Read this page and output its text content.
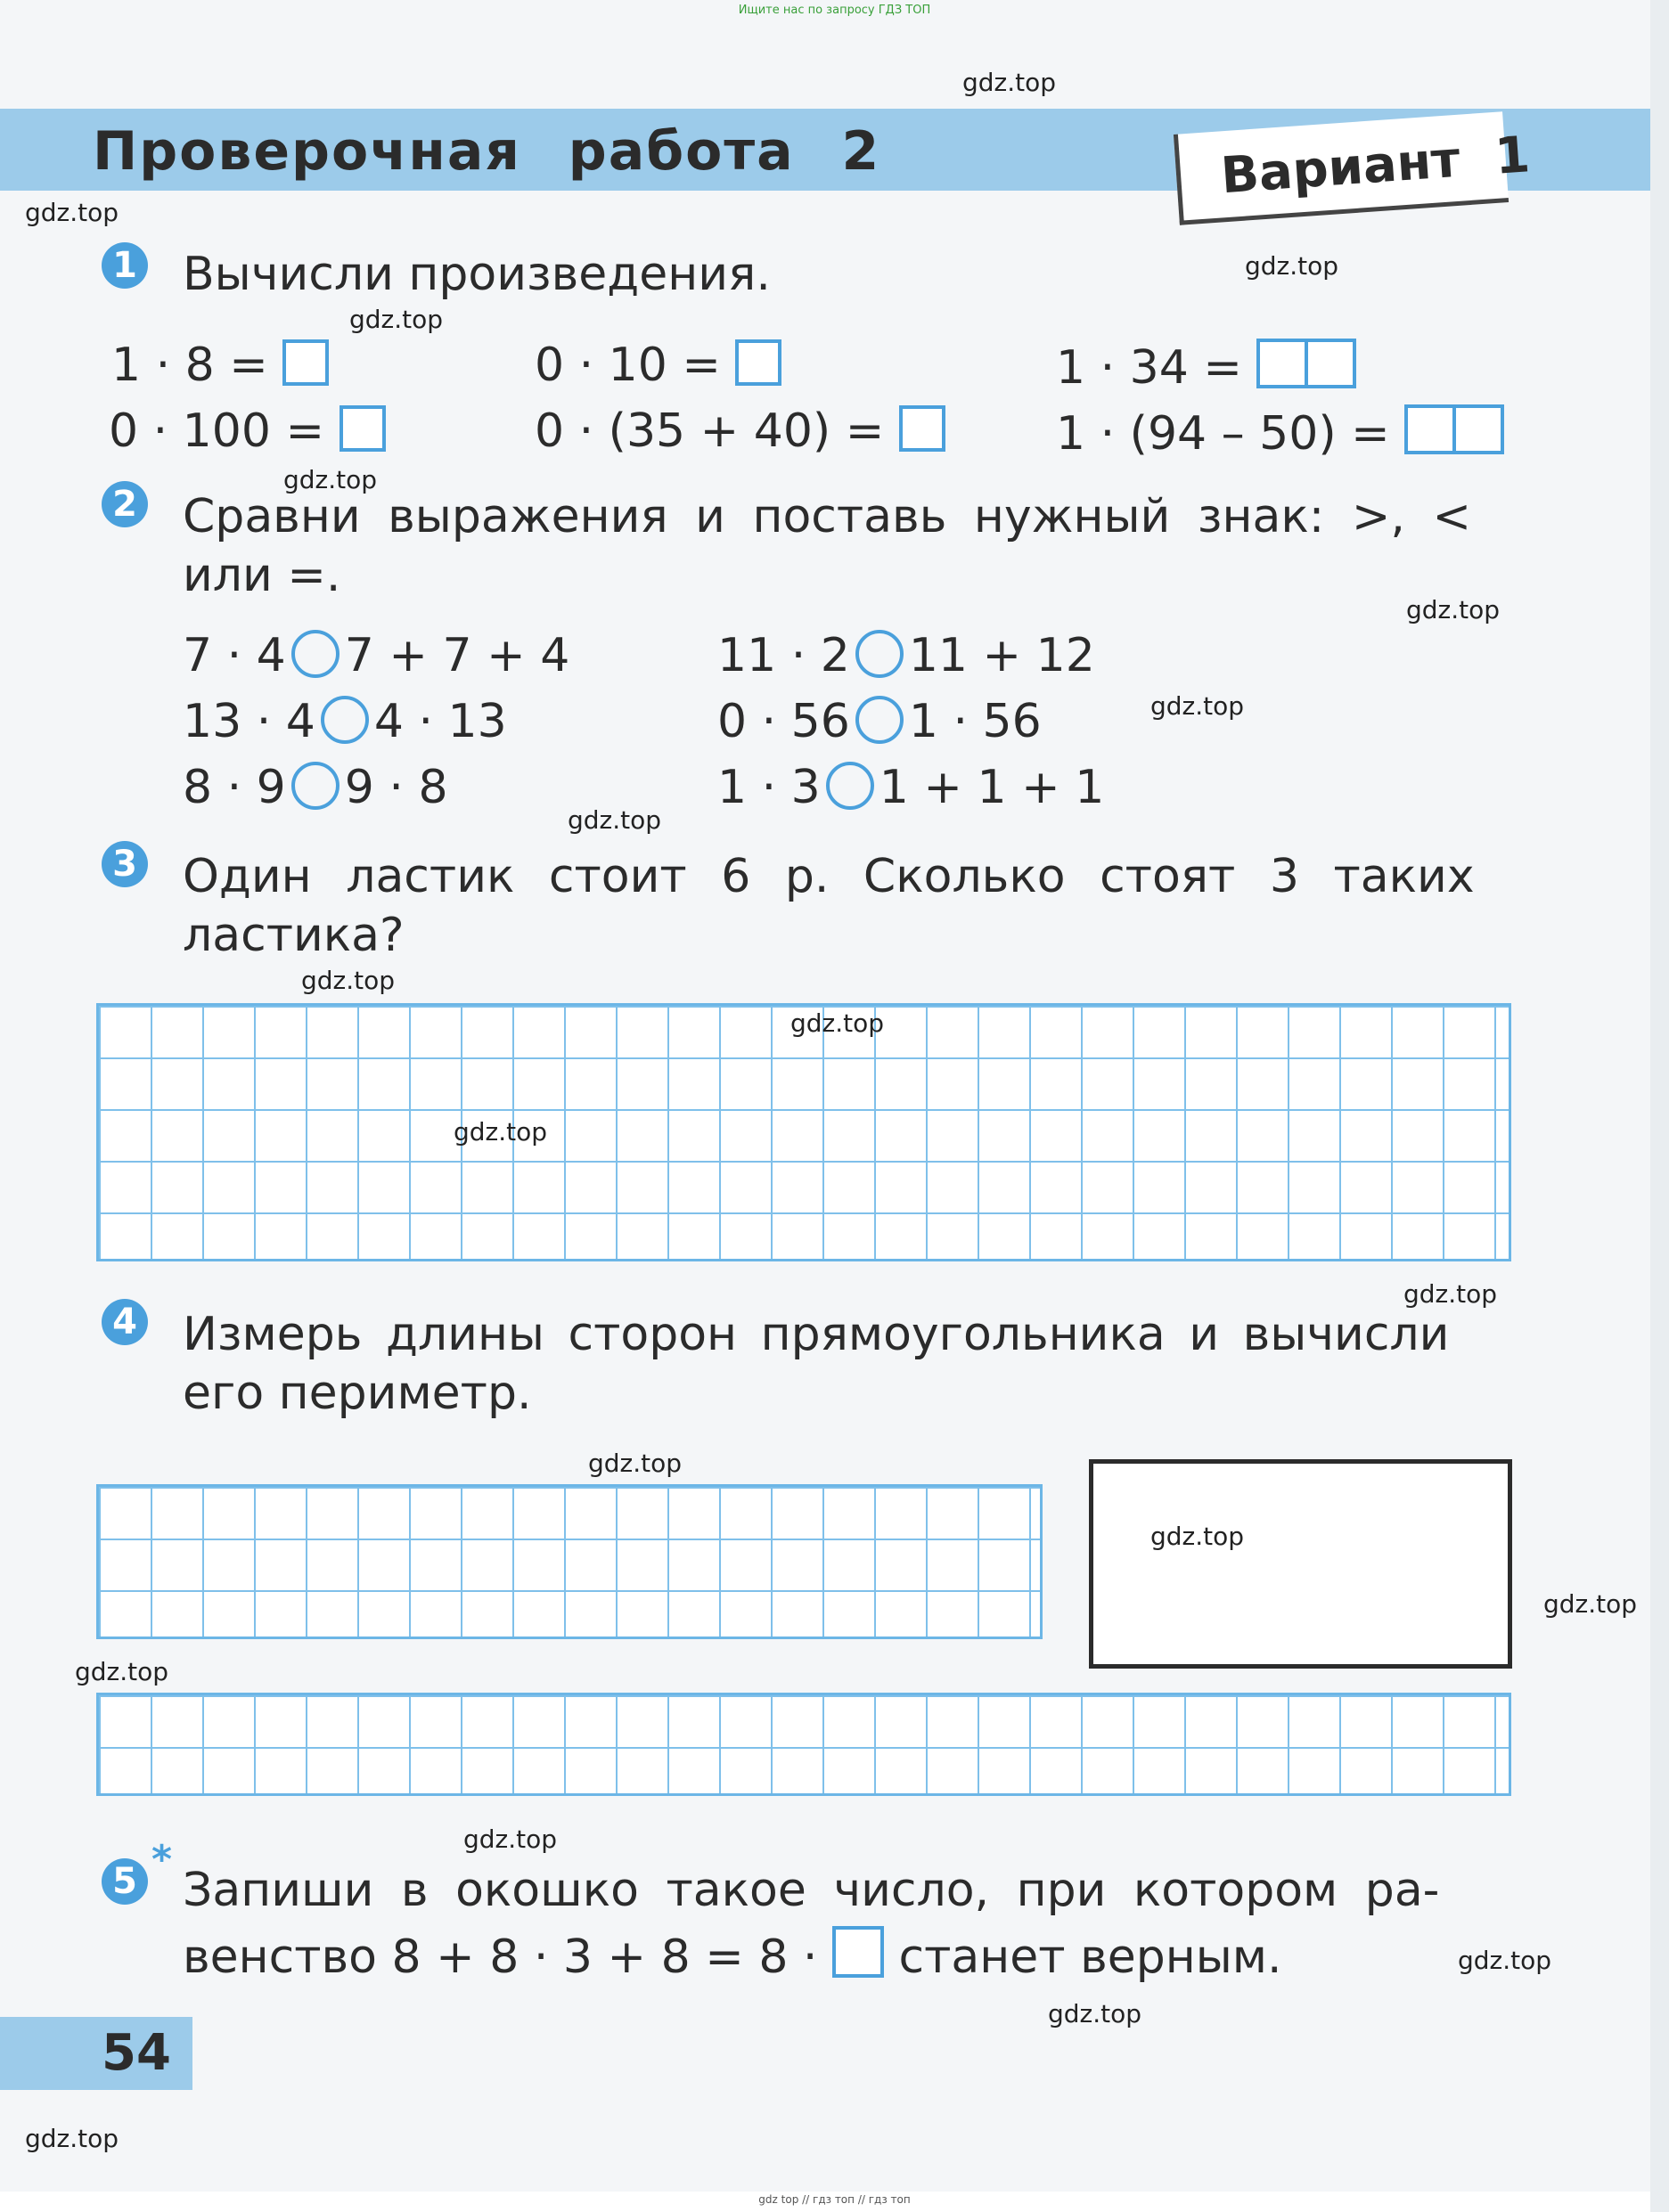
Ищите нас по запросу ГДЗ ТОП
Проверочная работа 2	Вариант 1
1 Вычисли произведения.
1 · 8 =	0 · 10 =	1 · 34 =
0 · 100 =	0 · (35 + 40) =	1 · (94 – 50) =
2 Сравни выражения и поставь нужный знак: >, <
или =.
7 · 4 7 + 7 + 4	11 · 2 11 + 12
13 · 4 4 · 13	0 · 56 1 · 56
8 · 9 9 · 8	1 · 3 1 + 1 + 1
3 Один ластик стоит 6 р. Сколько стоят 3 таких
ластика?
4 Измерь длины сторон прямоугольника и вычисли
его периметр.
5 *
Запиши в окошко такое число, при котором ра-
венство 8 + 8 · 3 + 8 = 8 · станет верным.
54
gdz.top
gdz.top
gdz.top
gdz.top
gdz.top
gdz.top
gdz.top
gdz.top
gdz.top
gdz.top
gdz.top
gdz.top
gdz.top
gdz.top
gdz.top
gdz.top
gdz.top
gdz.top
gdz.top
gdz.top
gdz top // гдз топ // гдз топ
